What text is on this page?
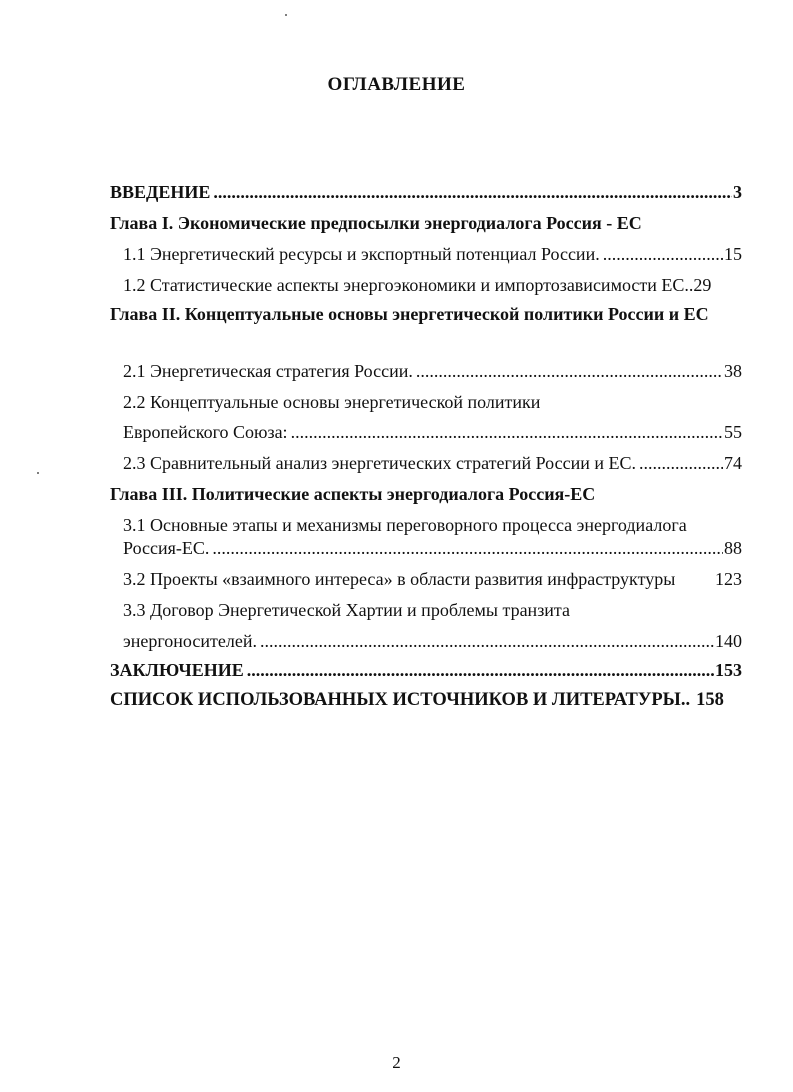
ОГЛАВЛЕНИЕ
ВВЕДЕНИЕ .....	3
Глава I. Экономические предпосылки энергодиалога Россия - ЕС
1.1 Энергетический ресурсы и экспортный потенциал России. .....	15
1.2 Статистические аспекты энергоэкономики и импортозависимости ЕС..29
Глава II. Концептуальные основы энергетической политики России и ЕС
2.1 Энергетическая стратегия России. .....	38
2.2 Концептуальные основы энергетической политики
Европейского Союза: .....	55
2.3 Сравнительный анализ энергетических стратегий России и ЕС. .....	74
Глава III. Политические аспекты энергодиалога Россия-ЕС
3.1 Основные этапы и механизмы переговорного процесса энергодиалога
Россия-ЕС. .....	88
3.2 Проекты «взаимного интереса» в области развития инфраструктуры 123
3.3 Договор Энергетической Хартии и проблемы транзита
энергоносителей. .....	140
ЗАКЛЮЧЕНИЕ .....	153
СПИСОК ИСПОЛЬЗОВАННЫХ ИСТОЧНИКОВ И ЛИТЕРАТУРЫ.. 158
2
